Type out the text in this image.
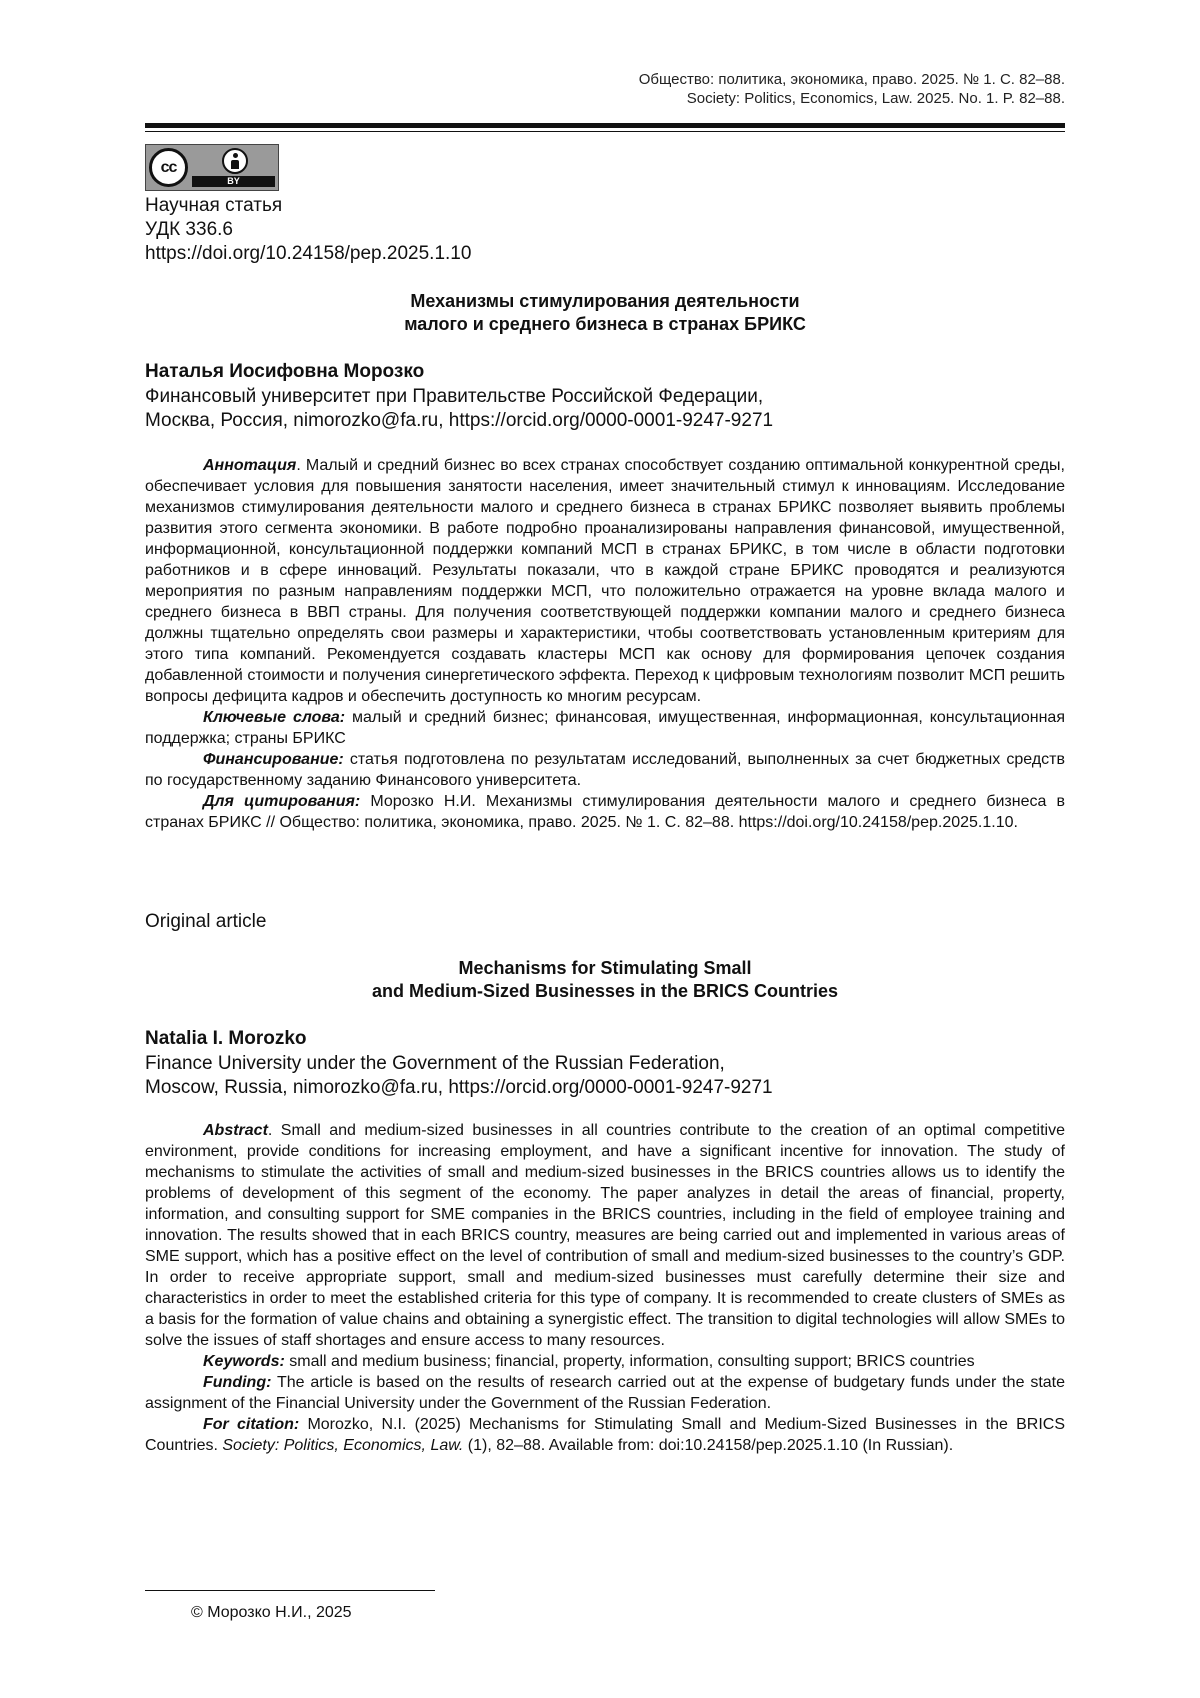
Общество: политика, экономика, право. 2025. № 1. С. 82–88.
Society: Politics, Economics, Law. 2025. No. 1. P. 82–88.
cc
BY
Научная статья
УДК 336.6
https://doi.org/10.24158/pep.2025.1.10
Механизмы стимулирования деятельности
малого и среднего бизнеса в странах БРИКС
Наталья Иосифовна Морозко
Финансовый университет при Правительстве Российской Федерации,
Москва, Россия, nimorozko@fa.ru, https://orcid.org/0000-0001-9247-9271

Аннотация. Малый и средний бизнес во всех странах способствует созданию оптимальной конкурентной среды, обеспечивает условия для повышения занятости населения, имеет значительный стимул к инновациям. Исследование механизмов стимулирования деятельности малого и среднего бизнеса в странах БРИКС позволяет выявить проблемы развития этого сегмента экономики. В работе подробно проанализированы направления финансовой, имущественной, информационной, консультационной поддержки компаний МСП в странах БРИКС, в том числе в области подготовки работников и в сфере инноваций. Результаты показали, что в каждой стране БРИКС проводятся и реализуются мероприятия по разным направлениям поддержки МСП, что положительно отражается на уровне вклада малого и среднего бизнеса в ВВП страны. Для получения соответствующей поддержки компании малого и среднего бизнеса должны тщательно определять свои размеры и характеристики, чтобы соответствовать установленным критериям для этого типа компаний. Рекомендуется создавать кластеры МСП как основу для формирования цепочек создания добавленной стоимости и получения синергетического эффекта. Переход к цифровым технологиям позволит МСП решить вопросы дефицита кадров и обеспечить доступность ко многим ресурсам.

Ключевые слова: малый и средний бизнес; финансовая, имущественная, информационная, консультационная поддержка; страны БРИКС

Финансирование: статья подготовлена по результатам исследований, выполненных за счет бюджетных средств по государственному заданию Финансового университета.

Для цитирования: Морозко Н.И. Механизмы стимулирования деятельности малого и среднего бизнеса в странах БРИКС // Общество: политика, экономика, право. 2025. № 1. С. 82–88. https://doi.org/10.24158/pep.2025.1.10.

Original article
Mechanisms for Stimulating Small
and Medium-Sized Businesses in the BRICS Countries
Natalia I. Morozko
Finance University under the Government of the Russian Federation,
Moscow, Russia, nimorozko@fa.ru, https://orcid.org/0000-0001-9247-9271

Abstract. Small and medium-sized businesses in all countries contribute to the creation of an optimal competitive environment, provide conditions for increasing employment, and have a significant incentive for innovation. The study of mechanisms to stimulate the activities of small and medium-sized businesses in the BRICS countries allows us to identify the problems of development of this segment of the economy. The paper analyzes in detail the areas of financial, property, information, and consulting support for SME companies in the BRICS countries, including in the field of employee training and innovation. The results showed that in each BRICS country, measures are being carried out and implemented in various areas of SME support, which has a positive effect on the level of contribution of small and medium-sized businesses to the country’s GDP. In order to receive appropriate support, small and medium-sized businesses must carefully determine their size and characteristics in order to meet the established criteria for this type of company. It is recommended to create clusters of SMEs as a basis for the formation of value chains and obtaining a synergistic effect. The transition to digital technologies will allow SMEs to solve the issues of staff shortages and ensure access to many resources.

Keywords: small and medium business; financial, property, information, consulting support; BRICS countries

Funding: The article is based on the results of research carried out at the expense of budgetary funds under the state assignment of the Financial University under the Government of the Russian Federation.

For citation: Morozko, N.I. (2025) Mechanisms for Stimulating Small and Medium-Sized Businesses in the BRICS Countries. Society: Politics, Economics, Law. (1), 82–88. Available from: doi:10.24158/pep.2025.1.10 (In Russian).

© Морозко Н.И., 2025
